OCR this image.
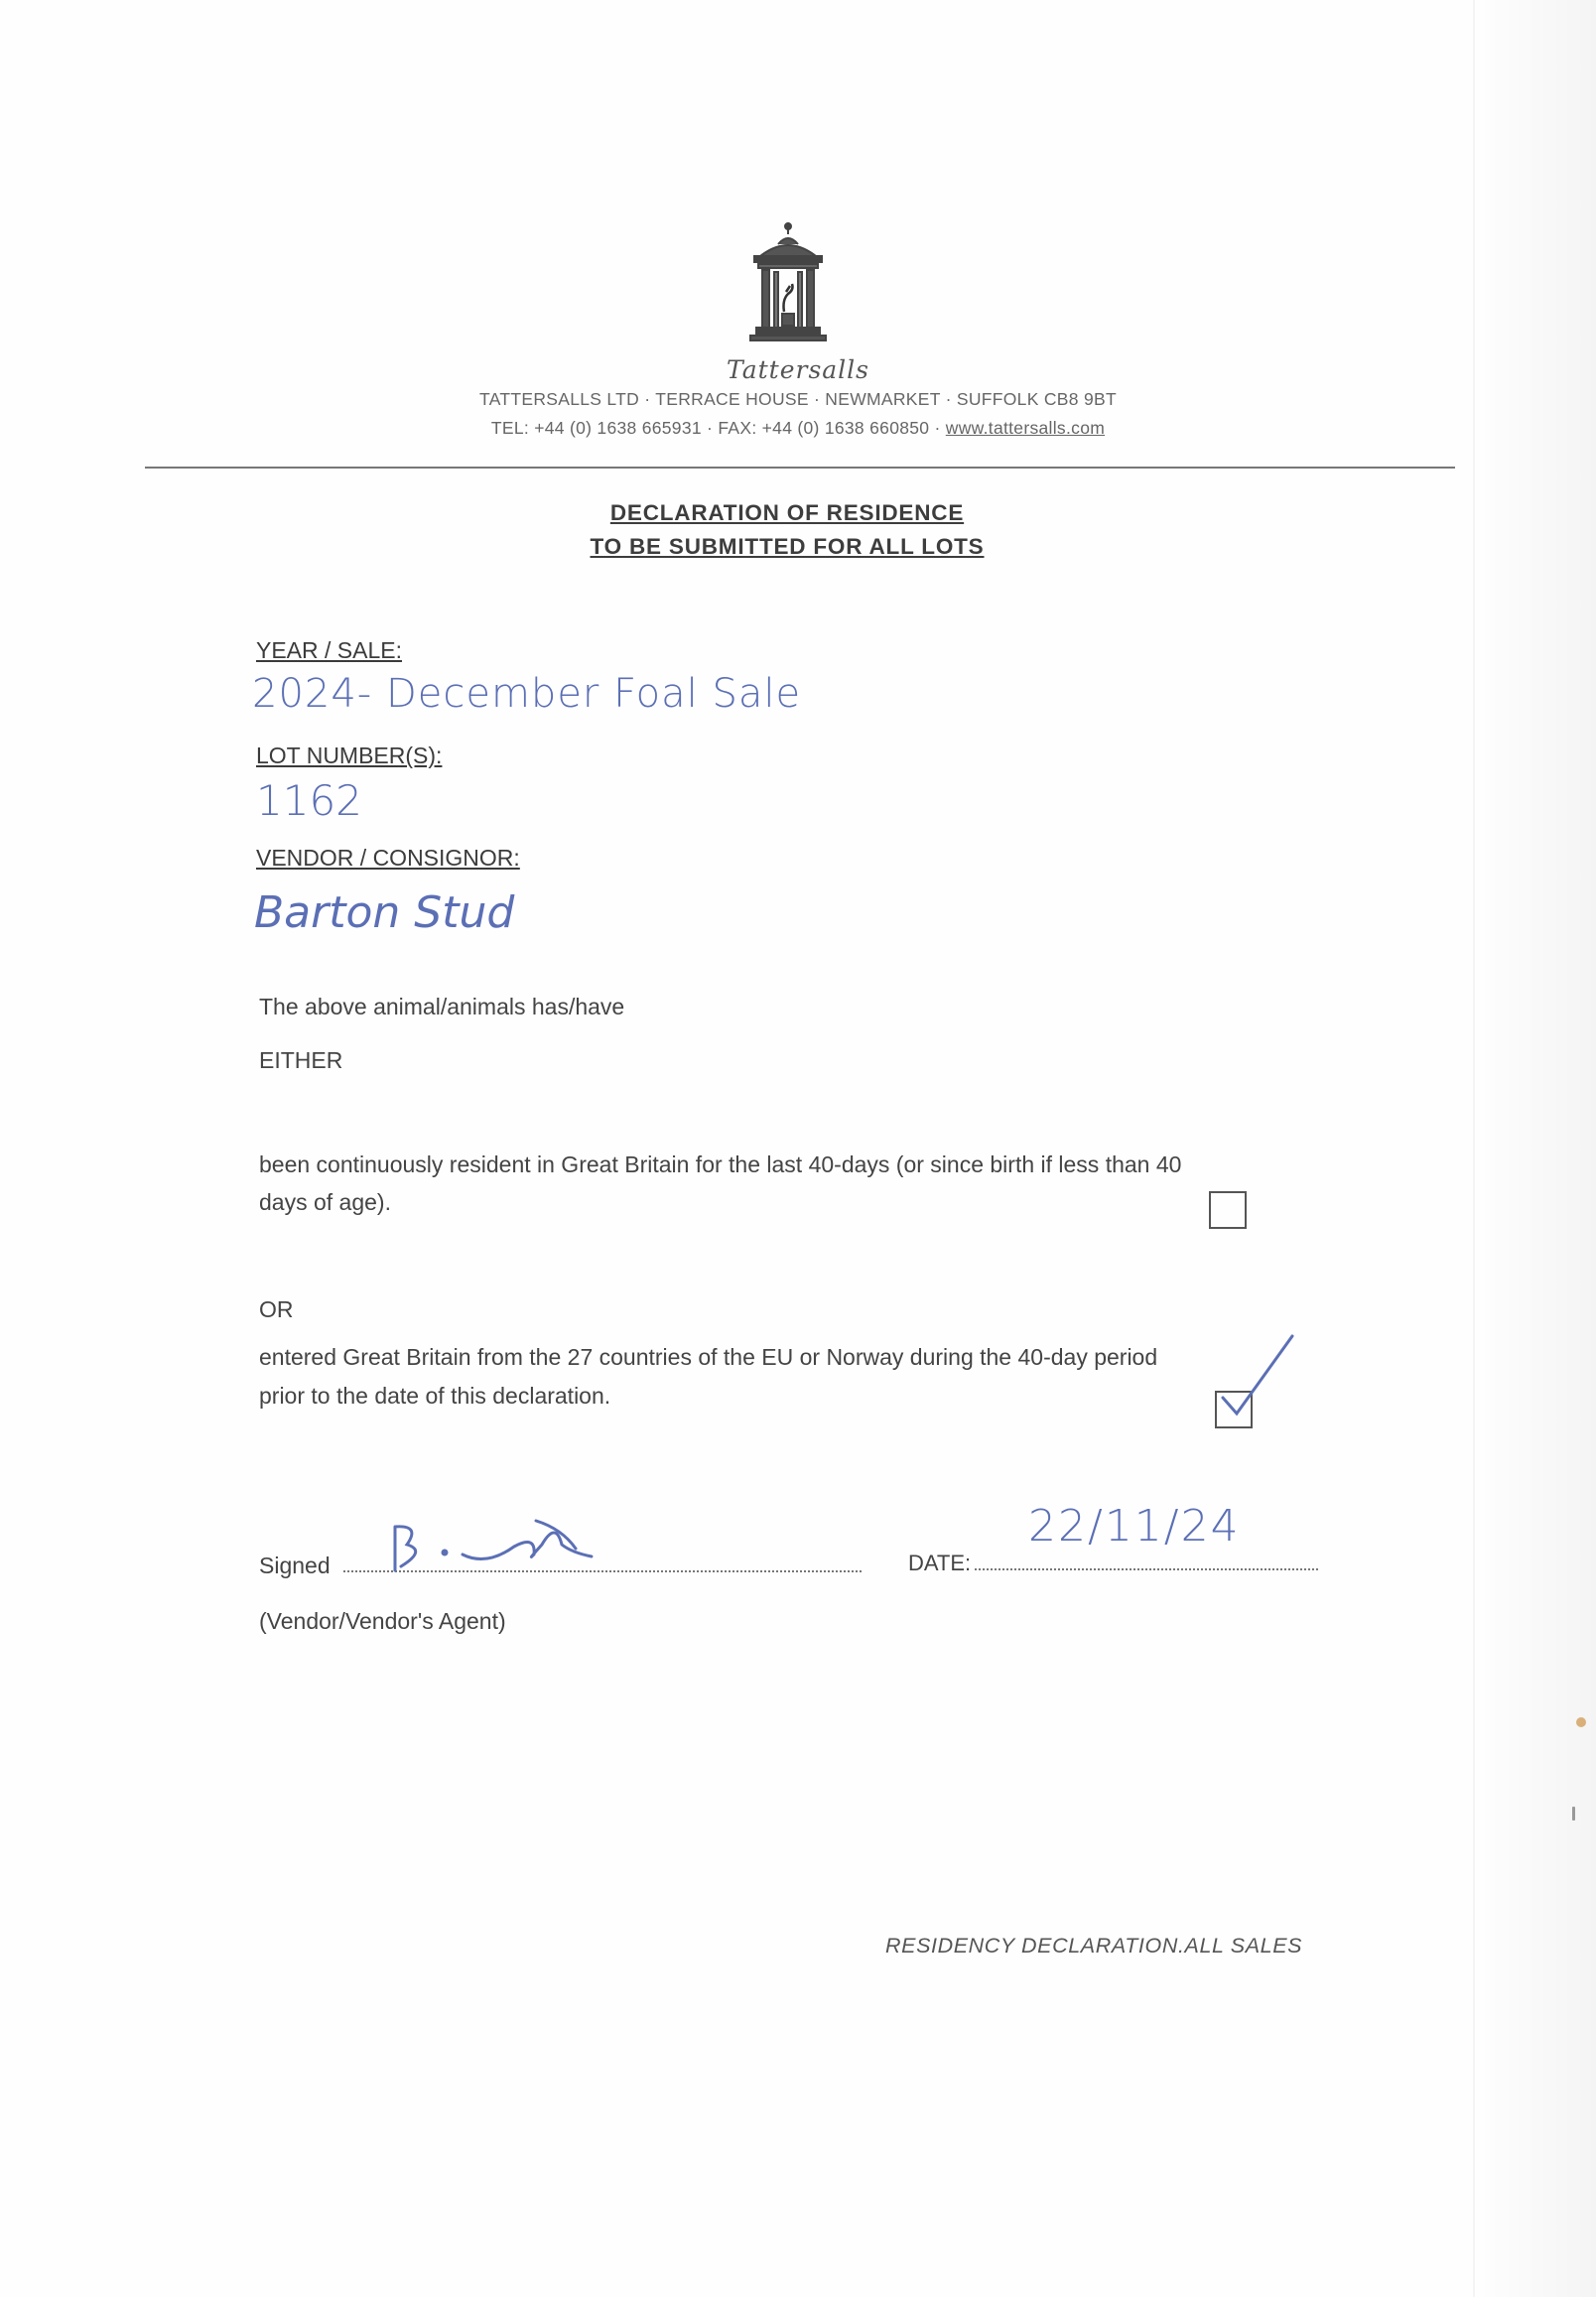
Tattersalls
TATTERSALLS LTD · TERRACE HOUSE · NEWMARKET · SUFFOLK CB8 9BT
TEL: +44 (0) 1638 665931 · FAX: +44 (0) 1638 660850 · www.tattersalls.com
DECLARATION OF RESIDENCE
TO BE SUBMITTED FOR ALL LOTS
YEAR / SALE:
2024- December Foal Sale
LOT NUMBER(S):
1162
VENDOR / CONSIGNOR:
Barton Stud
The above animal/animals has/have
EITHER
been continuously resident in Great Britain for the last 40-days (or since birth if less than 40
days of age).
OR
entered Great Britain from the 27 countries of the EU or Norway during the 40-day period
prior to the date of this declaration.
Signed	DATE:
22/11/24
(Vendor/Vendor's Agent)
RESIDENCY DECLARATION.ALL SALES
